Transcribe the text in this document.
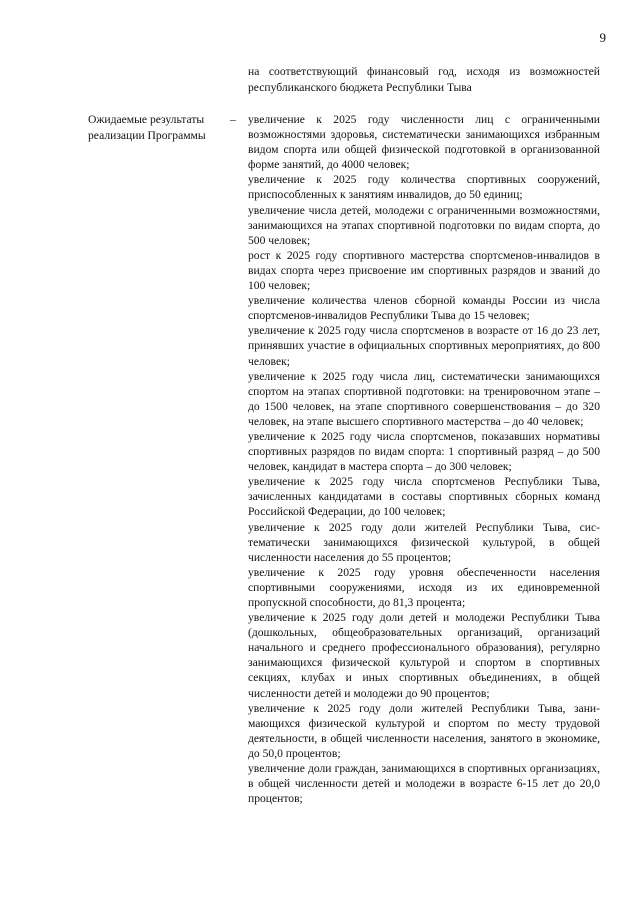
9
на соответствующий финансовый год, исходя из возможностей республиканского бюджета Республики Тыва
Ожидаемые результаты реализации Программы
– увеличение к 2025 году численности лиц с ограниченными возможностями здоровья, систематически занимающихся избранным видом спорта или общей физической подготовкой в организованной форме занятий, до 4000 человек;
увеличение к 2025 году количества спортивных сооружений, приспособленных к занятиям инвалидов, до 50 единиц;
увеличение числа детей, молодежи с ограниченными возможностями, занимающихся на этапах спортивной подготовки по видам спорта, до 500 человек;
рост к 2025 году спортивного мастерства спортсменов-инвалидов в видах спорта через присвоение им спортивных разрядов и званий до 100 человек;
увеличение количества членов сборной команды России из числа спортсменов-инвалидов Республики Тыва до 15 человек;
увеличение к 2025 году числа спортсменов в возрасте от 16 до 23 лет, принявших участие в официальных спортивных мероприятиях, до 800 человек;
увеличение к 2025 году числа лиц, систематически занимающихся спортом на этапах спортивной подготовки: на тренировочном этапе – до 1500 человек, на этапе спортивного совершенствования – до 320 человек, на этапе высшего спортивного мастерства – до 40 человек;
увеличение к 2025 году числа спортсменов, показавших нормативы спортивных разрядов по видам спорта: 1 спортивный разряд – до 500 человек, кандидат в мастера спорта – до 300 человек;
увеличение к 2025 году числа спортсменов Республики Тыва, зачисленных кандидатами в составы спортивных сборных команд Российской Федерации, до 100 человек;
увеличение к 2025 году доли жителей Республики Тыва, систематически занимающихся физической культурой, в общей численности населения до 55 процентов;
увеличение к 2025 году уровня обеспеченности населения спортивными сооружениями, исходя из их единовременной пропускной способности, до 81,3 процента;
увеличение к 2025 году доли детей и молодежи Республики Тыва (дошкольных, общеобразовательных организаций, организаций начального и среднего профессионального образования), регулярно занимающихся физической культурой и спортом в спортивных секциях, клубах и иных спортивных объединениях, в общей численности детей и молодежи до 90 процентов;
увеличение к 2025 году доли жителей Республики Тыва, занимающихся физической культурой и спортом по месту трудовой деятельности, в общей численности населения, занятого в экономике, до 50,0 процентов;
увеличение доли граждан, занимающихся в спортивных организациях, в общей численности детей и молодежи в возрасте 6-15 лет до 20,0 процентов;
